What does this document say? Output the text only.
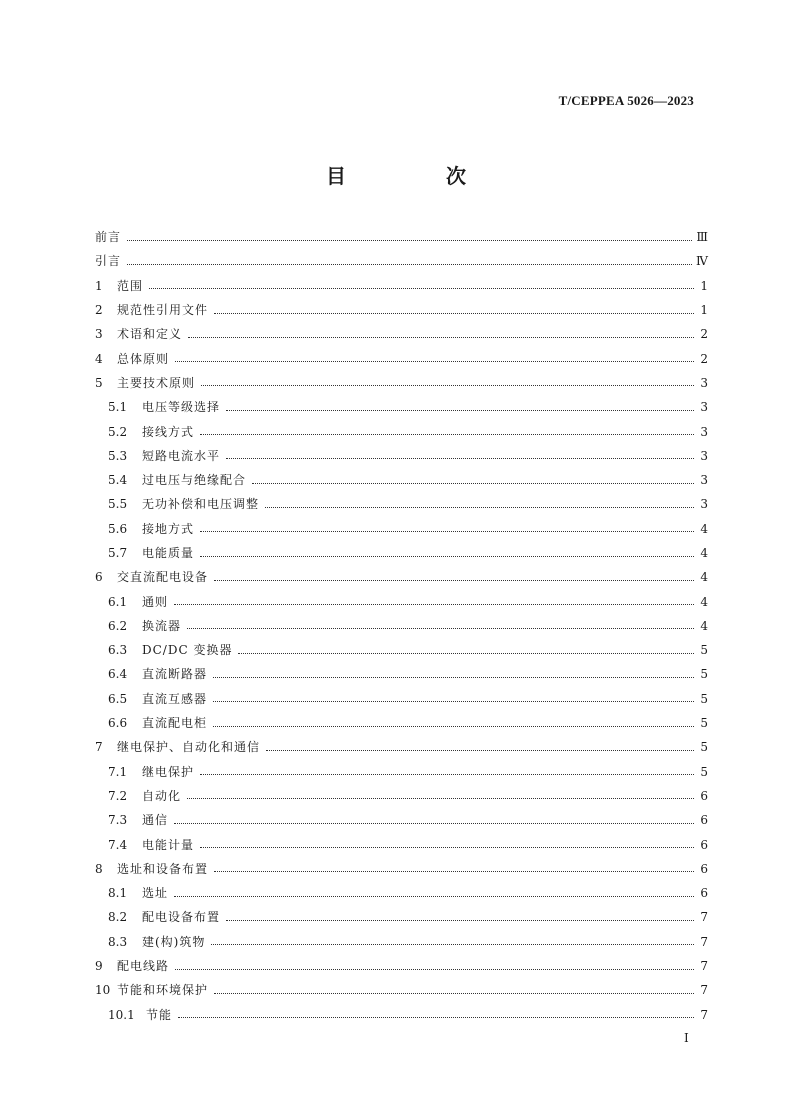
T/CEPPEA 5026—2023
目　次
前言	Ⅲ
引言	Ⅳ
1	范围	1
2	规范性引用文件	1
3	术语和定义	2
4	总体原则	2
5	主要技术原则	3
5.1	电压等级选择	3
5.2	接线方式	3
5.3	短路电流水平	3
5.4	过电压与绝缘配合	3
5.5	无功补偿和电压调整	3
5.6	接地方式	4
5.7	电能质量	4
6	交直流配电设备	4
6.1	通则	4
6.2	换流器	4
6.3	DC/DC 变换器	5
6.4	直流断路器	5
6.5	直流互感器	5
6.6	直流配电柜	5
7	继电保护、自动化和通信	5
7.1	继电保护	5
7.2	自动化	6
7.3	通信	6
7.4	电能计量	6
8	选址和设备布置	6
8.1	选址	6
8.2	配电设备布置	7
8.3	建(构)筑物	7
9	配电线路	7
10 节能和环境保护	7
10.1 节能	7
I
